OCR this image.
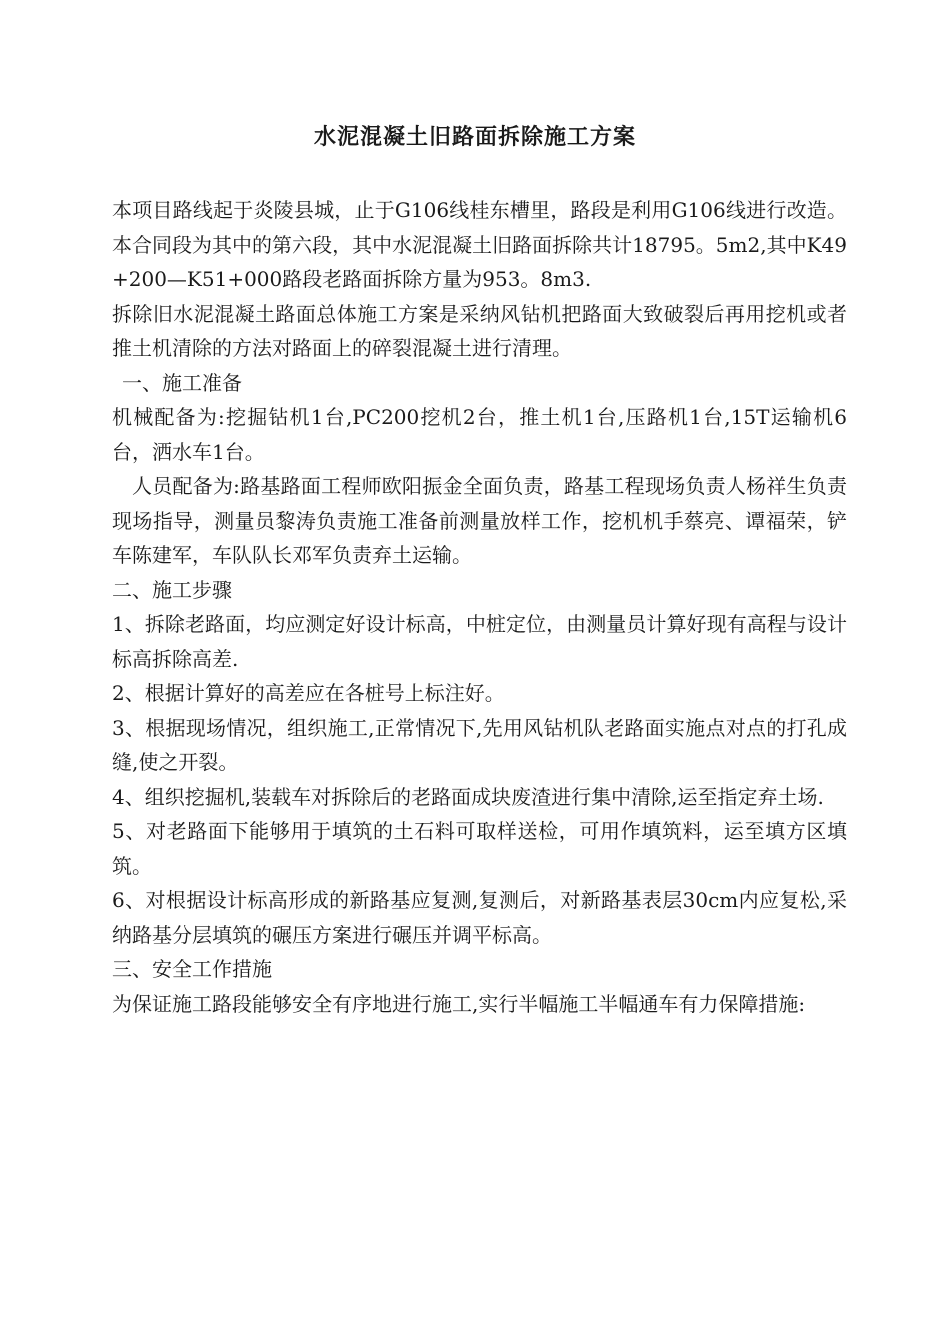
水泥混凝土旧路面拆除施工方案

本项目路线起于炎陵县城，止于G106线桂东槽里，路段是利用G106线进行改造。本合同段为其中的第六段，其中水泥混凝土旧路面拆除共计18795。5m2,其中K49+200—K51+000路段老路面拆除方量为953。8m3.

拆除旧水泥混凝土路面总体施工方案是采纳风钻机把路面大致破裂后再用挖机或者推土机清除的方法对路面上的碎裂混凝土进行清理。

一、施工准备

机械配备为:挖掘钻机1台,PC200挖机2台，推土机1台,压路机1台,15T运输机6台，洒水车1台。

人员配备为:路基路面工程师欧阳振金全面负责，路基工程现场负责人杨祥生负责现场指导，测量员黎涛负责施工准备前测量放样工作，挖机机手蔡亮、谭福荣，铲车陈建军，车队队长邓军负责弃土运输。

二、施工步骤

1、拆除老路面，均应测定好设计标高，中桩定位，由测量员计算好现有高程与设计标高拆除高差.

2、根据计算好的高差应在各桩号上标注好。

3、根据现场情况，组织施工,正常情况下,先用风钻机队老路面实施点对点的打孔成缝,使之开裂。

4、组织挖掘机,装载车对拆除后的老路面成块废渣进行集中清除,运至指定弃土场.

5、对老路面下能够用于填筑的土石料可取样送检，可用作填筑料，运至填方区填筑。

6、对根据设计标高形成的新路基应复测,复测后，对新路基表层30cm内应复松,采纳路基分层填筑的碾压方案进行碾压并调平标高。

三、安全工作措施

为保证施工路段能够安全有序地进行施工,实行半幅施工半幅通车有力保障措施:
